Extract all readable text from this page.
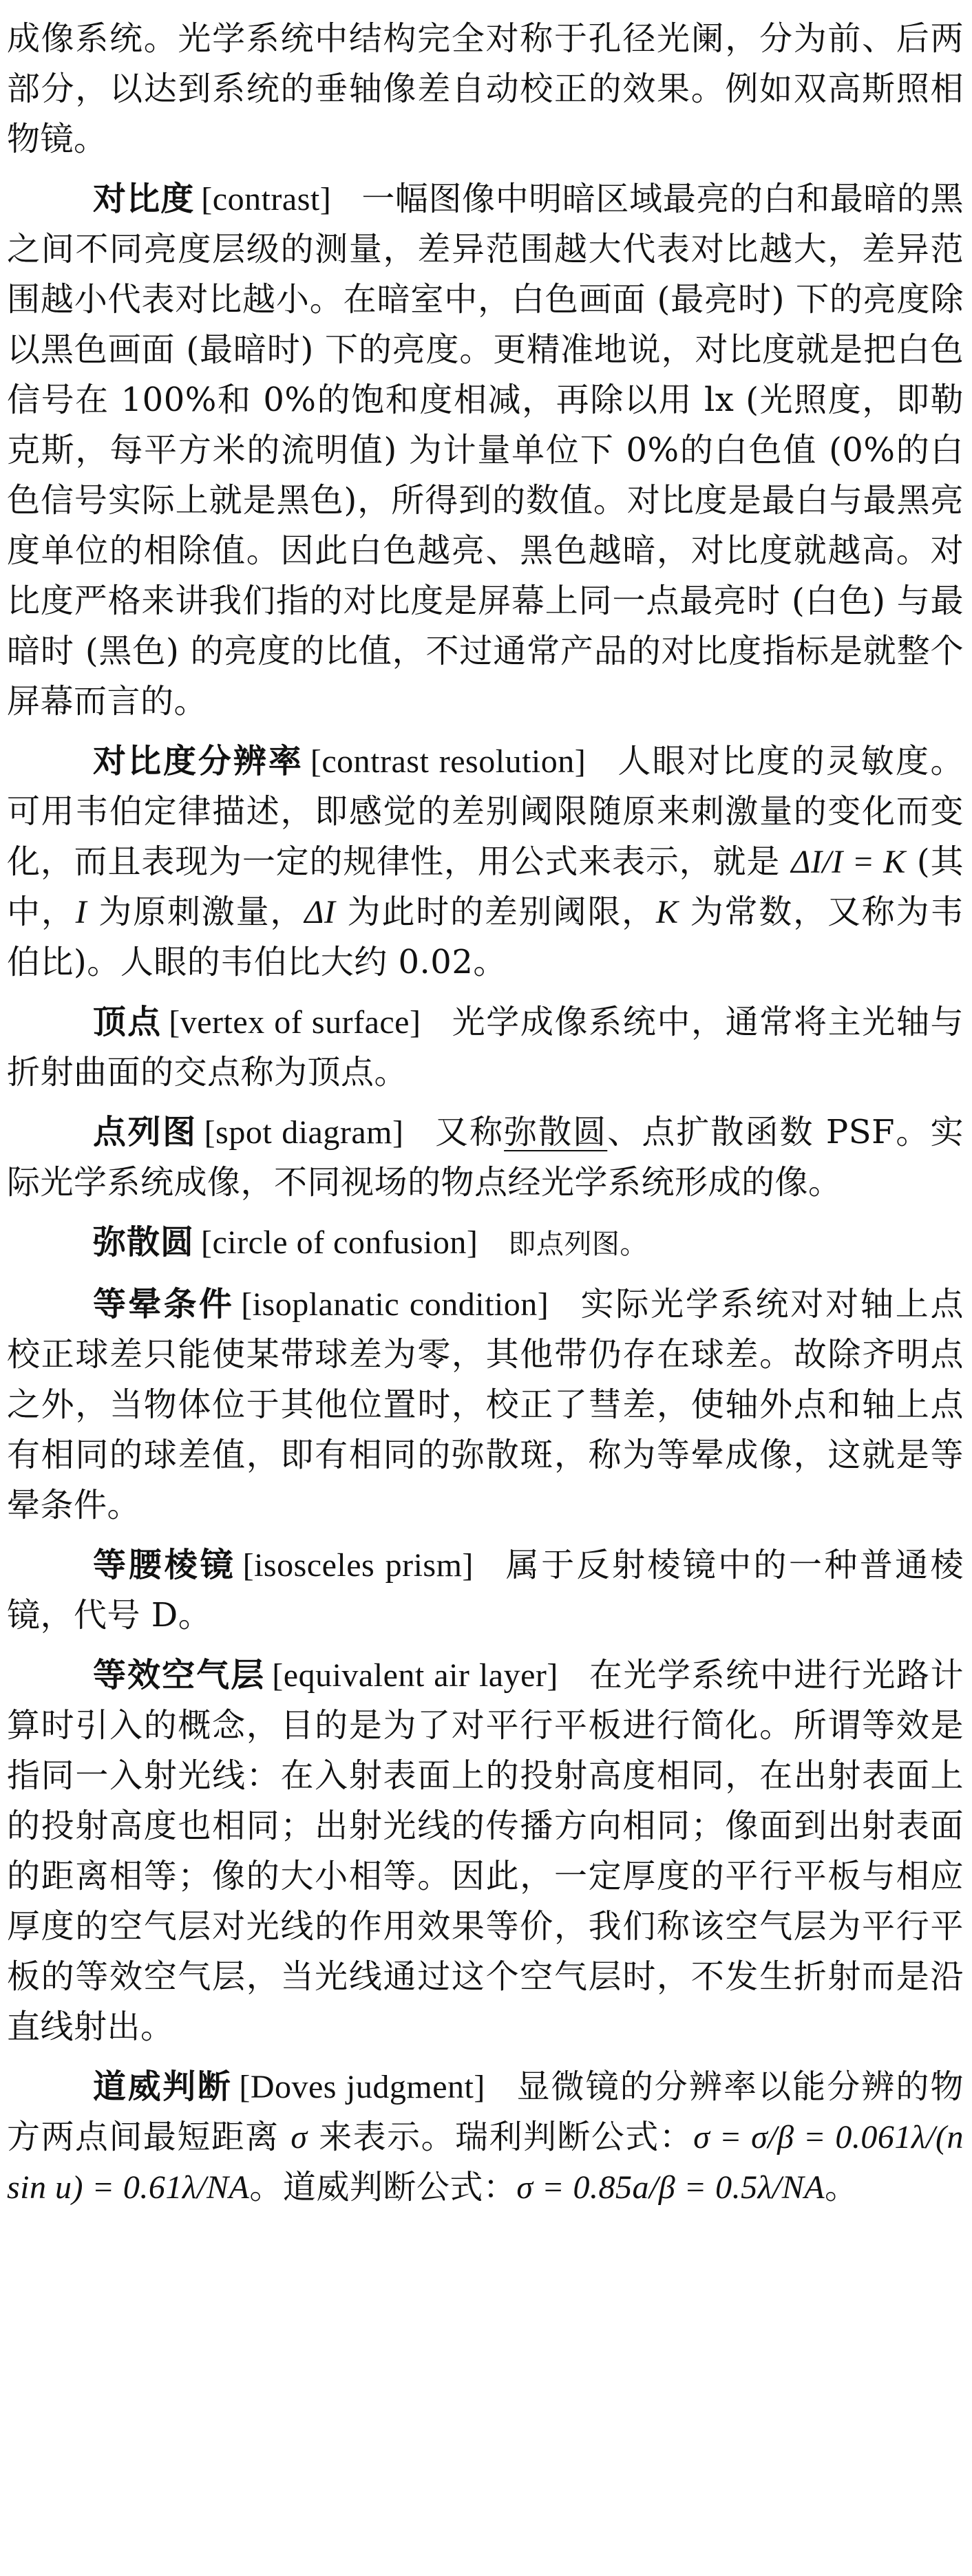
成像系统。光学系统中结构完全对称于孔径光阑，分为前、后两部分，以达到系统的垂轴像差自动校正的效果。例如双高斯照相物镜。

对比度 [contrast] 一幅图像中明暗区域最亮的白和最暗的黑之间不同亮度层级的测量，差异范围越大代表对比越大，差异范围越小代表对比越小。在暗室中，白色画面 (最亮时) 下的亮度除以黑色画面 (最暗时) 下的亮度。更精准地说，对比度就是把白色信号在 100%和 0%的饱和度相减，再除以用 lx (光照度，即勒克斯，每平方米的流明值) 为计量单位下 0%的白色值 (0%的白色信号实际上就是黑色)，所得到的数值。对比度是最白与最黑亮度单位的相除值。因此白色越亮、黑色越暗，对比度就越高。对比度严格来讲我们指的对比度是屏幕上同一点最亮时 (白色) 与最暗时 (黑色) 的亮度的比值，不过通常产品的对比度指标是就整个屏幕而言的。

对比度分辨率 [contrast resolution] 人眼对比度的灵敏度。可用韦伯定律描述，即感觉的差别阈限随原来刺激量的变化而变化，而且表现为一定的规律性，用公式来表示，就是 ΔI/I = K (其中，I 为原刺激量，ΔI 为此时的差别阈限，K 为常数，又称为韦伯比)。人眼的韦伯比大约 0.02。

顶点 [vertex of surface] 光学成像系统中，通常将主光轴与折射曲面的交点称为顶点。

点列图 [spot diagram] 又称弥散圆、点扩散函数 PSF。实际光学系统成像，不同视场的物点经光学系统形成的像。

弥散圆 [circle of confusion] 即点列图。

等晕条件 [isoplanatic condition] 实际光学系统对对轴上点校正球差只能使某带球差为零，其他带仍存在球差。故除齐明点之外，当物体位于其他位置时，校正了彗差，使轴外点和轴上点有相同的球差值，即有相同的弥散斑，称为等晕成像，这就是等晕条件。

等腰棱镜 [isosceles prism] 属于反射棱镜中的一种普通棱镜，代号 D。

等效空气层 [equivalent air layer] 在光学系统中进行光路计算时引入的概念，目的是为了对平行平板进行简化。所谓等效是指同一入射光线：在入射表面上的投射高度相同，在出射表面上的投射高度也相同；出射光线的传播方向相同；像面到出射表面的距离相等；像的大小相等。因此，一定厚度的平行平板与相应厚度的空气层对光线的作用效果等价，我们称该空气层为平行平板的等效空气层，当光线通过这个空气层时，不发生折射而是沿直线射出。

道威判断 [Doves judgment] 显微镜的分辨率以能分辨的物方两点间最短距离 σ 来表示。瑞利判断公式：σ = σ/β = 0.061λ/(n sin u) = 0.61λ/NA。道威判断公式：σ = 0.85a/β = 0.5λ/NA。
